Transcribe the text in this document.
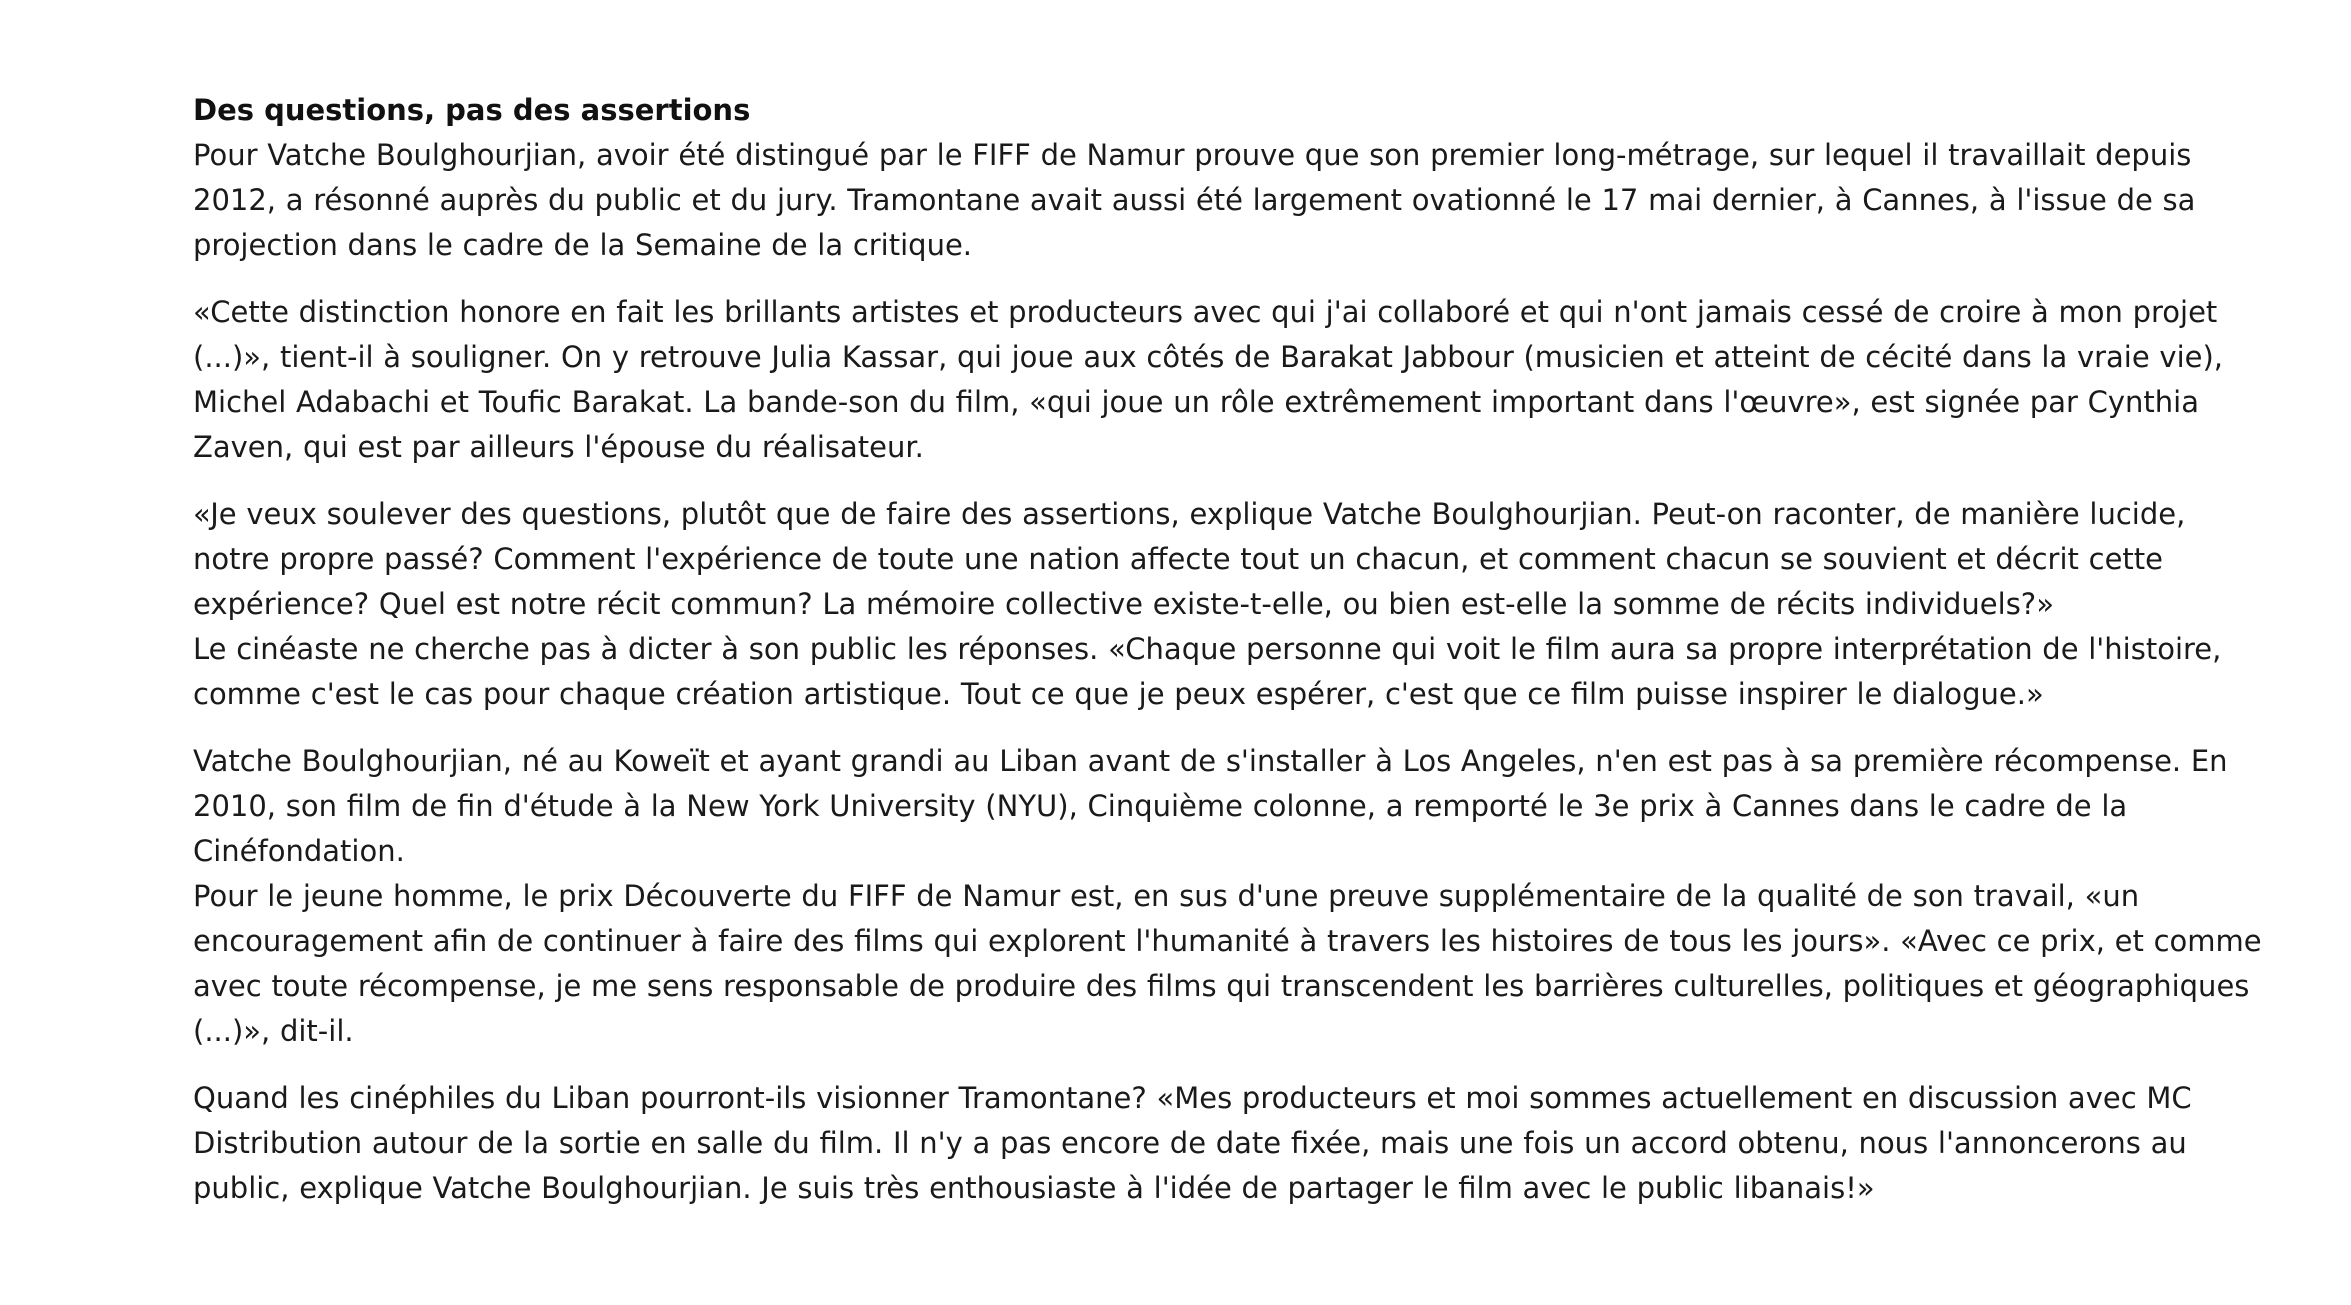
Des questions, pas des assertions

Pour Vatche Boulghourjian, avoir été distingué par le FIFF de Namur prouve que son premier long-métrage, sur lequel il travaillait depuis
2012, a résonné auprès du public et du jury. Tramontane avait aussi été largement ovationné le 17 mai dernier, à Cannes, à l'issue de sa
projection dans le cadre de la Semaine de la critique.

«Cette distinction honore en fait les brillants artistes et producteurs avec qui j'ai collaboré et qui n'ont jamais cessé de croire à mon projet
(...)», tient-il à souligner. On y retrouve Julia Kassar, qui joue aux côtés de Barakat Jabbour (musicien et atteint de cécité dans la vraie vie),
Michel Adabachi et Toufic Barakat. La bande-son du film, «qui joue un rôle extrêmement important dans l'œuvre», est signée par Cynthia
Zaven, qui est par ailleurs l'épouse du réalisateur.

«Je veux soulever des questions, plutôt que de faire des assertions, explique Vatche Boulghourjian. Peut-on raconter, de manière lucide,
notre propre passé? Comment l'expérience de toute une nation affecte tout un chacun, et comment chacun se souvient et décrit cette
expérience? Quel est notre récit commun? La mémoire collective existe-t-elle, ou bien est-elle la somme de récits individuels?»
Le cinéaste ne cherche pas à dicter à son public les réponses. «Chaque personne qui voit le film aura sa propre interprétation de l'histoire,
comme c'est le cas pour chaque création artistique. Tout ce que je peux espérer, c'est que ce film puisse inspirer le dialogue.»

Vatche Boulghourjian, né au Koweït et ayant grandi au Liban avant de s'installer à Los Angeles, n'en est pas à sa première récompense. En
2010, son film de fin d'étude à la New York University (NYU), Cinquième colonne, a remporté le 3e prix à Cannes dans le cadre de la
Cinéfondation.
Pour le jeune homme, le prix Découverte du FIFF de Namur est, en sus d'une preuve supplémentaire de la qualité de son travail, «un
encouragement afin de continuer à faire des films qui explorent l'humanité à travers les histoires de tous les jours». «Avec ce prix, et comme
avec toute récompense, je me sens responsable de produire des films qui transcendent les barrières culturelles, politiques et géographiques
(...)», dit-il.

Quand les cinéphiles du Liban pourront-ils visionner Tramontane? «Mes producteurs et moi sommes actuellement en discussion avec MC
Distribution autour de la sortie en salle du film. Il n'y a pas encore de date fixée, mais une fois un accord obtenu, nous l'annoncerons au
public, explique Vatche Boulghourjian. Je suis très enthousiaste à l'idée de partager le film avec le public libanais!»
